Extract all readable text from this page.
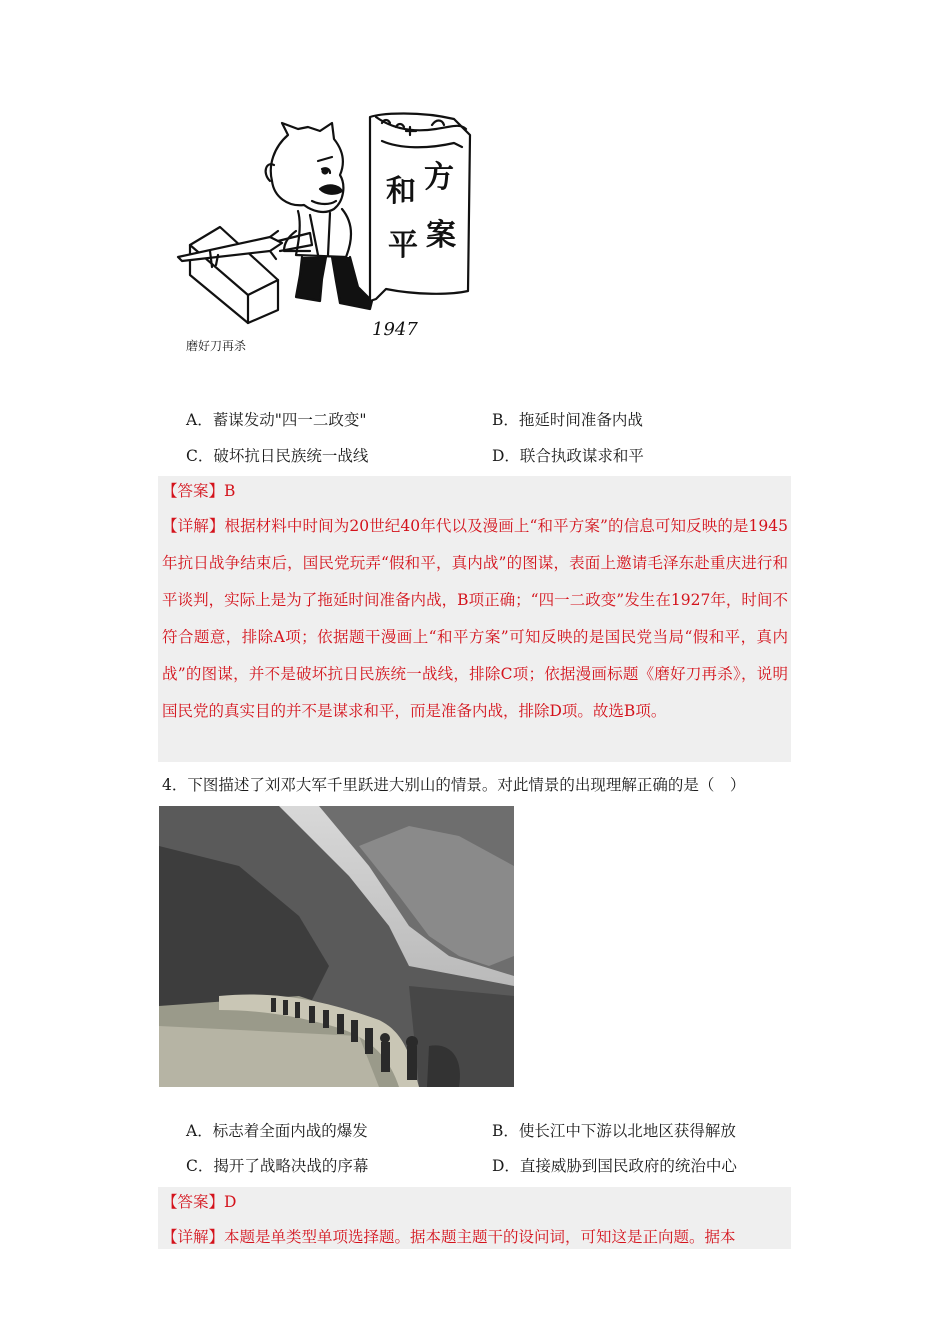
和 方
平 案
1947
磨好刀再杀
A．蓄谋发动"四一二政变"	B．拖延时间准备内战
C．破坏抗日民族统一战线	D．联合执政谋求和平
【答案】B
【详解】根据材料中时间为20世纪40年代以及漫画上“和平方案”的信息可知反映的是1945年抗日战争结束后，国民党玩弄“假和平，真内战”的图谋，表面上邀请毛泽东赴重庆进行和平谈判，实际上是为了拖延时间准备内战，B项正确；“四一二政变”发生在1927年，时间不符合题意，排除A项；依据题干漫画上“和平方案”可知反映的是国民党当局“假和平，真内战”的图谋，并不是破坏抗日民族统一战线，排除C项；依据漫画标题《磨好刀再杀》，说明国民党的真实目的并不是谋求和平，而是准备内战，排除D项。故选B项。
4．下图描述了刘邓大军千里跃进大别山的情景。对此情景的出现理解正确的是（　）
A．标志着全面内战的爆发	B．使长江中下游以北地区获得解放
C．揭开了战略决战的序幕	D．直接威胁到国民政府的统治中心
【答案】D
【详解】本题是单类型单项选择题。据本题主题干的设问词，可知这是正向题。据本
